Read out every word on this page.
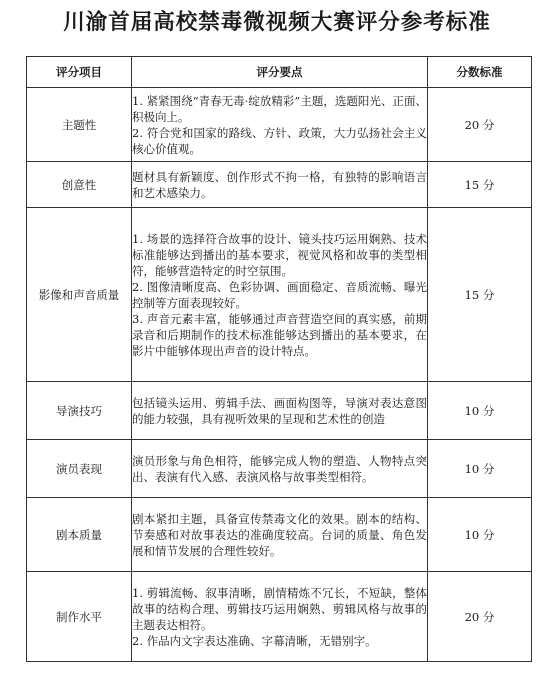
川渝首届高校禁毒微视频大赛评分参考标准
评分项目	评分要点	分数标准
主题性	1. 紧紧围绕“青春无毒·绽放精彩”主题，选题阳光、正面、积极向上。

2. 符合党和国家的路线、方针、政策，大力弘扬社会主义核心价值观。	20 分
创意性	题材具有新颖度、创作形式不拘一格，有独特的影响语言和艺术感染力。	15 分
影像和声音质量	1. 场景的选择符合故事的设计、镜头技巧运用娴熟、技术标准能够达到播出的基本要求，视觉风格和故事的类型相符，能够营造特定的时空氛围。

2. 图像清晰度高、色彩协调、画面稳定、音质流畅、曝光控制等方面表现较好。

3. 声音元素丰富，能够通过声音营造空间的真实感，前期录音和后期制作的技术标准能够达到播出的基本要求，在影片中能够体现出声音的设计特点。	15 分
导演技巧	包括镜头运用、剪辑手法、画面构图等，导演对表达意图的能力较强，具有视听效果的呈现和艺术性的创造	10 分
演员表现	演员形象与角色相符，能够完成人物的塑造、人物特点突出、表演有代入感、表演风格与故事类型相符。	10 分
剧本质量	剧本紧扣主题，具备宣传禁毒文化的效果。剧本的结构、节奏感和对故事表达的准确度较高。台词的质量、角色发展和情节发展的合理性较好。	10 分
制作水平	1. 剪辑流畅、叙事清晰，剧情精炼不冗长，不短缺，整体故事的结构合理、剪辑技巧运用娴熟、剪辑风格与故事的主题表达相符。

2. 作品内文字表达准确、字幕清晰，无错别字。	20 分
